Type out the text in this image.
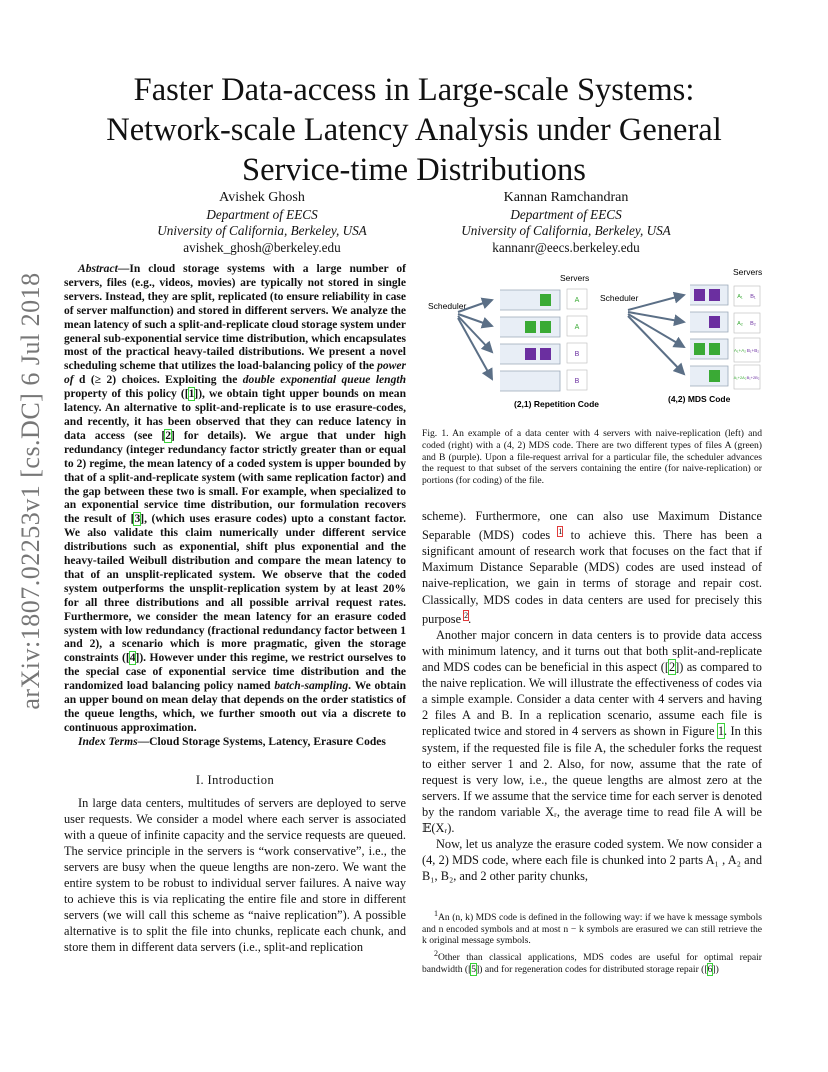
arXiv:1807.02253v1 [cs.DC] 6 Jul 2018
Faster Data-access in Large-scale Systems:
Network-scale Latency Analysis under General
Service-time Distributions
Avishek Ghosh
Department of EECS
University of California, Berkeley, USA
avishek_ghosh@berkeley.edu
Kannan Ramchandran
Department of EECS
University of California, Berkeley, USA
kannanr@eecs.berkeley.edu

Abstract—In cloud storage systems with a large number of servers, files (e.g., videos, movies) are typically not stored in single servers. Instead, they are split, replicated (to ensure reliability in case of server malfunction) and stored in different servers. We analyze the mean latency of such a split-and-replicate cloud storage system under general sub-exponential service time distribution, which encapsulates most of the practical heavy-tailed distributions. We present a novel scheduling scheme that utilizes the load-balancing policy of the power of d (≥ 2) choices. Exploiting the double exponential queue length property of this policy ([1]), we obtain tight upper bounds on mean latency. An alternative to split-and-replicate is to use erasure-codes, and recently, it has been observed that they can reduce latency in data access (see [2] for details). We argue that under high redundancy (integer redundancy factor strictly greater than or equal to 2) regime, the mean latency of a coded system is upper bounded by that of a split-and-replicate system (with same replication factor) and the gap between these two is small. For example, when specialized to an exponential service time distribution, our formulation recovers the result of [3], (which uses erasure codes) upto a constant factor. We also validate this claim numerically under different service distributions such as exponential, shift plus exponential and the heavy-tailed Weibull distribution and compare the mean latency to that of an unsplit-replicated system. We observe that the coded system outperforms the unsplit-replication system by at least 20% for all three distributions and all possible arrival request rates. Furthermore, we consider the mean latency for an erasure coded system with low redundancy (fractional redundancy factor between 1 and 2), a scenario which is more pragmatic, given the storage constraints ([4]). However under this regime, we restrict ourselves to the special case of exponential service time distribution and the randomized load balancing policy named batch-sampling. We obtain an upper bound on mean delay that depends on the order statistics of the queue lengths, which, we further smooth out via a discrete to continuous approximation.

Index Terms—Cloud Storage Systems, Latency, Erasure Codes

I. Introduction

In large data centers, multitudes of servers are deployed to serve user requests. We consider a model where each server is associated with a queue of infinite capacity and the service requests are queued. The service principle in the servers is “work conservative”, i.e., the servers are busy when the queue lengths are non-zero. We want the entire system to be robust to individual server failures. A naive way to achieve this is via replicating the entire file and store in different servers (we will call this scheme as “naive replication”). A possible alternative is to split the file into chunks, replicate each chunk, and store them in different data servers (i.e., split-and replication

Servers
Scheduler
A
A
B
B
(2,1) Repetition Code
Servers
Scheduler	A₁ B₁
A₂ B₂
A₁+A₂ B₁+B₂
A₁+2A₂ B₁+2B₂
(4,2) MDS Code
Fig. 1. An example of a data center with 4 servers with naive-replication (left) and coded (right) with a (4, 2) MDS code. There are two different types of files A (green) and B (purple). Upon a file-request arrival for a particular file, the scheduler advances the request to that subset of the servers containing the entire (for naive-replication) or portions (for coding) of the file.

scheme). Furthermore, one can also use Maximum Distance Separable (MDS) codes $^1$ to achieve this. There has been a significant amount of research work that focuses on the fact that if Maximum Distance Separable (MDS) codes are used instead of naive-replication, we gain in terms of storage and repair cost. Classically, MDS codes in data centers are used for precisely this purpose $^2$.

Another major concern in data centers is to provide data access with minimum latency, and it turns out that both split-and-replicate and MDS codes can be beneficial in this aspect ([2]) as compared to the naive replication. We will illustrate the effectiveness of codes via a simple example. Consider a data center with 4 servers and having 2 files A and B. In a replication scenario, assume each file is replicated twice and stored in 4 servers as shown in Figure 1. In this system, if the requested file is file A, the scheduler forks the request to either server 1 and 2. Also, for now, assume that the rate of request is very low, i.e., the queue lengths are almost zero at the servers. If we assume that the service time for each server is denoted by the random variable Xᵣ, the average time to read file A will be 𝔼(Xᵣ).

Now, let us analyze the erasure coded system. We now consider a (4, 2) MDS code, where each file is chunked into 2 parts A₁ , A₂ and B₁, B₂, and 2 other parity chunks,

$^1$An (n, k) MDS code is defined in the following way: if we have k message symbols and n encoded symbols and at most n − k symbols are erasured we can still retrieve the k original message symbols.

$^2$Other than classical applications, MDS codes are useful for optimal repair bandwidth ([5]) and for regeneration codes for distributed storage repair ([6])
